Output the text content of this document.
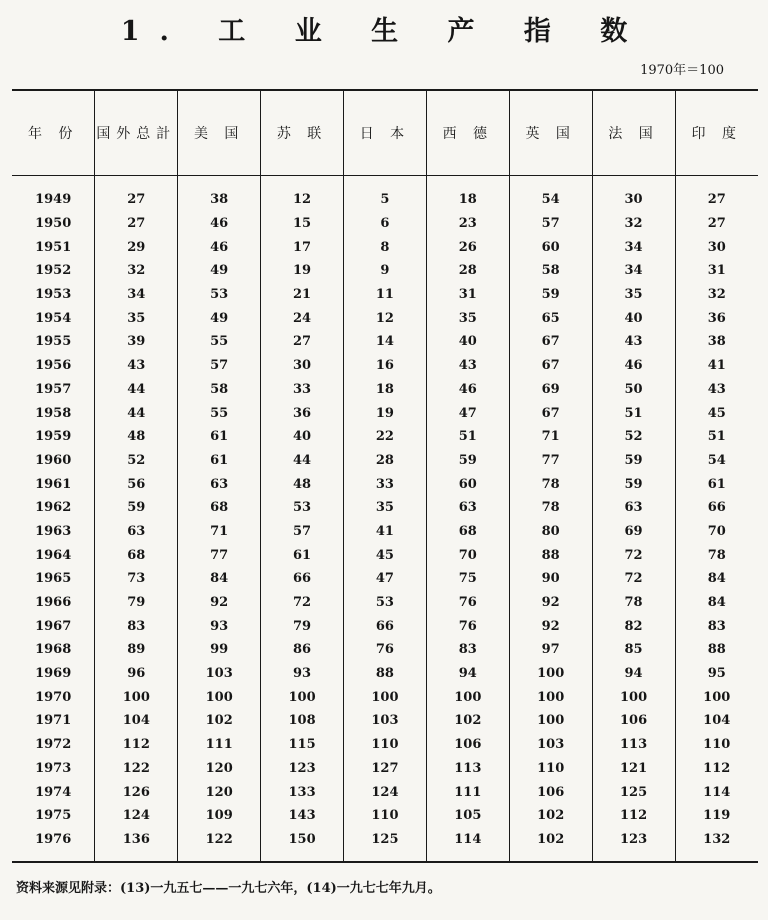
1. 工 业 生 产 指 数
1970年＝100
年 份	国外总計	美 国	苏 联	日 本	西 德	英 国	法 国	印 度
1949	27	38	12	5	18	54	30	27
1950	27	46	15	6	23	57	32	27
1951	29	46	17	8	26	60	34	30
1952	32	49	19	9	28	58	34	31
1953	34	53	21	11	31	59	35	32
1954	35	49	24	12	35	65	40	36
1955	39	55	27	14	40	67	43	38
1956	43	57	30	16	43	67	46	41
1957	44	58	33	18	46	69	50	43
1958	44	55	36	19	47	67	51	45
1959	48	61	40	22	51	71	52	51
1960	52	61	44	28	59	77	59	54
1961	56	63	48	33	60	78	59	61
1962	59	68	53	35	63	78	63	66
1963	63	71	57	41	68	80	69	70
1964	68	77	61	45	70	88	72	78
1965	73	84	66	47	75	90	72	84
1966	79	92	72	53	76	92	78	84
1967	83	93	79	66	76	92	82	83
1968	89	99	86	76	83	97	85	88
1969	96	103	93	88	94	100	94	95
1970	100	100	100	100	100	100	100	100
1971	104	102	108	103	102	100	106	104
1972	112	111	115	110	106	103	113	110
1973	122	120	123	127	113	110	121	112
1974	126	120	133	124	111	106	125	114
1975	124	109	143	110	105	102	112	119
1976	136	122	150	125	114	102	123	132
资料来源见附录：(13)一九五七——一九七六年，(14)一九七七年九月。
